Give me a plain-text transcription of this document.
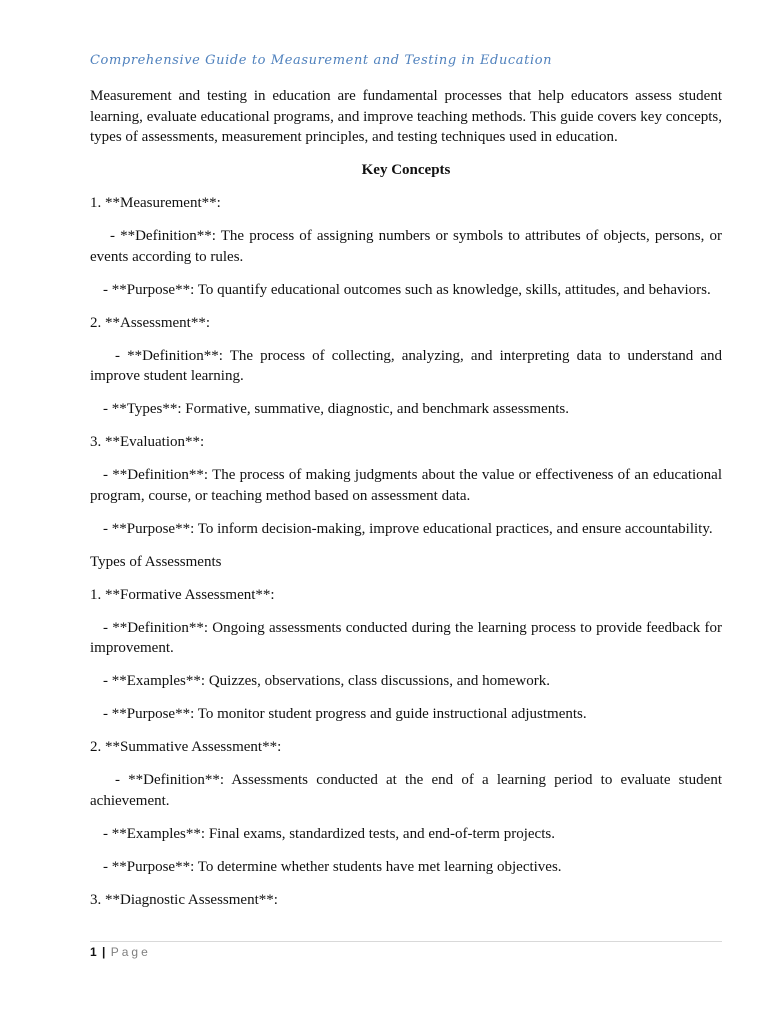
Comprehensive Guide to Measurement and Testing in Education

Measurement and testing in education are fundamental processes that help educators assess student learning, evaluate educational programs, and improve teaching methods. This guide covers key concepts, types of assessments, measurement principles, and testing techniques used in education.

Key Concepts

1. **Measurement**:

- **Definition**: The process of assigning numbers or symbols to attributes of objects, persons, or events according to rules.

- **Purpose**: To quantify educational outcomes such as knowledge, skills, attitudes, and behaviors.

2. **Assessment**:

- **Definition**: The process of collecting, analyzing, and interpreting data to understand and improve student learning.

- **Types**: Formative, summative, diagnostic, and benchmark assessments.

3. **Evaluation**:

- **Definition**: The process of making judgments about the value or effectiveness of an educational program, course, or teaching method based on assessment data.

- **Purpose**: To inform decision-making, improve educational practices, and ensure accountability.

Types of Assessments

1. **Formative Assessment**:

- **Definition**: Ongoing assessments conducted during the learning process to provide feedback for improvement.

- **Examples**: Quizzes, observations, class discussions, and homework.

- **Purpose**: To monitor student progress and guide instructional adjustments.

2. **Summative Assessment**:

- **Definition**: Assessments conducted at the end of a learning period to evaluate student achievement.

- **Examples**: Final exams, standardized tests, and end-of-term projects.

- **Purpose**: To determine whether students have met learning objectives.

3. **Diagnostic Assessment**:

1 | Page
